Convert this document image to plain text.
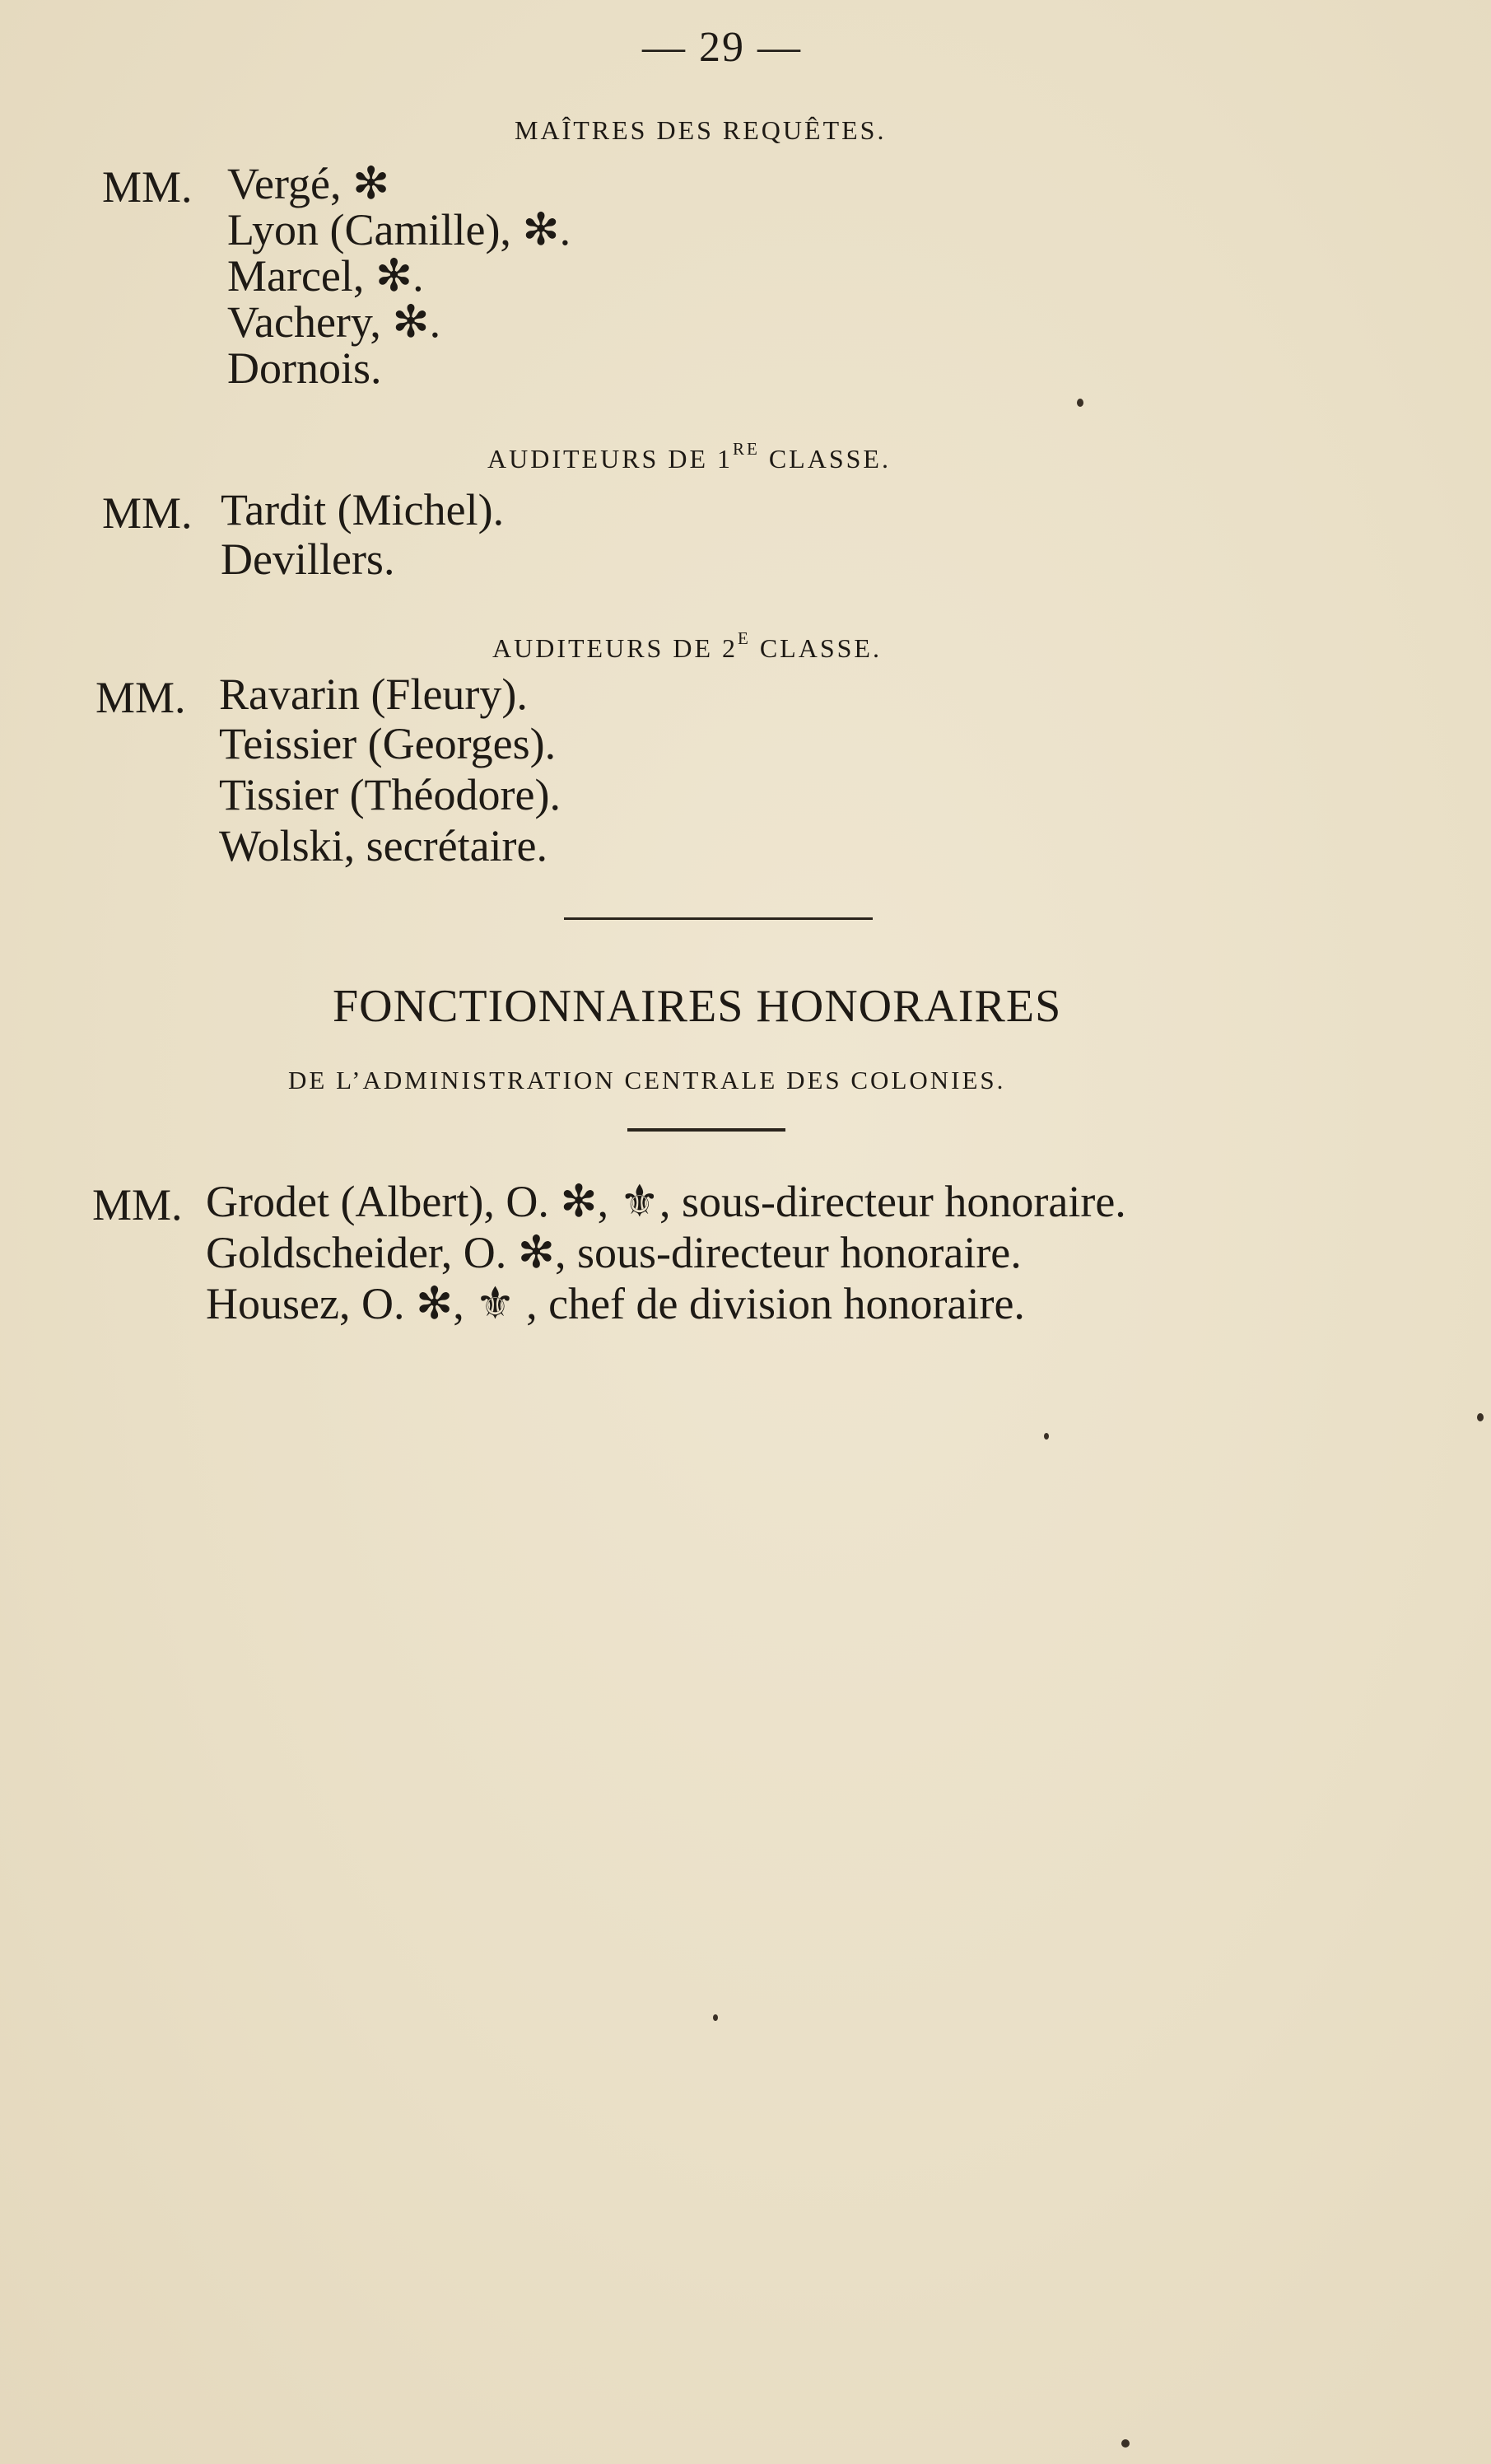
— 29 —
MAÎTRES DES REQUÊTES.
MM. Vergé, ✻
Lyon (Camille), ✻.
Marcel, ✻.
Vachery, ✻.
Dornois.
AUDITEURS DE 1re CLASSE.
MM. Tardit (Michel).
Devillers.
AUDITEURS DE 2e CLASSE.
MM. Ravarin (Fleury).
Teissier (Georges).
Tissier (Théodore).
Wolski, secrétaire.
FONCTIONNAIRES HONORAIRES
DE L’ADMINISTRATION CENTRALE DES COLONIES.
MM. Grodet (Albert), O. ✻, ⚜, sous-directeur honoraire.
Goldscheider, O. ✻, sous-directeur honoraire.
Housez, O. ✻, ⚜ , chef de division honoraire.
